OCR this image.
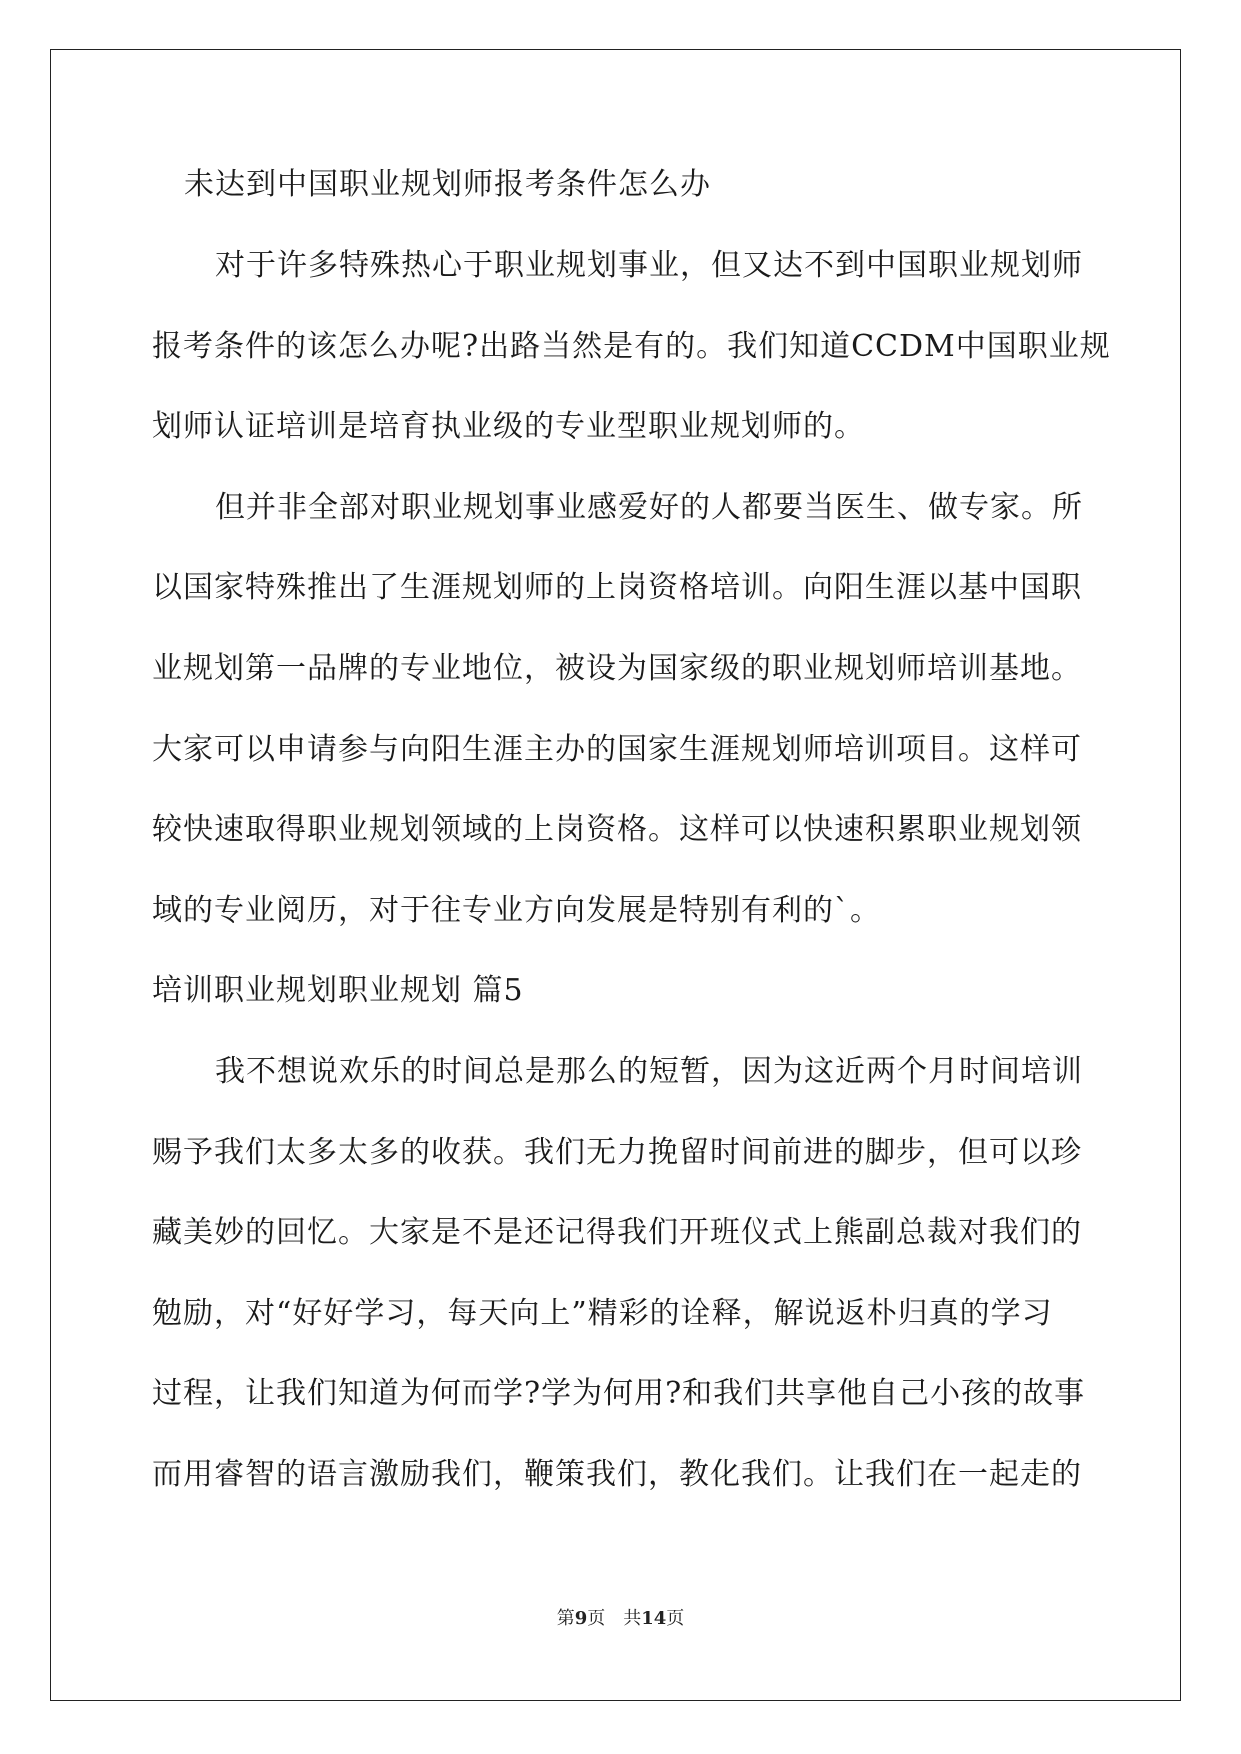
未达到中国职业规划师报考条件怎么办

对于许多特殊热心于职业规划事业，但又达不到中国职业规划师

报考条件的该怎么办呢?出路当然是有的。我们知道CCDM中国职业规

划师认证培训是培育执业级的专业型职业规划师的。

但并非全部对职业规划事业感爱好的人都要当医生、做专家。所

以国家特殊推出了生涯规划师的上岗资格培训。向阳生涯以基中国职

业规划第一品牌的专业地位，被设为国家级的职业规划师培训基地。

大家可以申请参与向阳生涯主办的国家生涯规划师培训项目。这样可

较快速取得职业规划领域的上岗资格。这样可以快速积累职业规划领

域的专业阅历，对于往专业方向发展是特别有利的`。

培训职业规划职业规划 篇5

我不想说欢乐的时间总是那么的短暂，因为这近两个月时间培训

赐予我们太多太多的收获。我们无力挽留时间前进的脚步，但可以珍

藏美妙的回忆。大家是不是还记得我们开班仪式上熊副总裁对我们的

勉励，对“好好学习，每天向上”精彩的诠释，解说返朴归真的学习

过程，让我们知道为何而学?学为何用?和我们共享他自己小孩的故事

而用睿智的语言激励我们，鞭策我们，教化我们。让我们在一起走的

第9页 共14页
